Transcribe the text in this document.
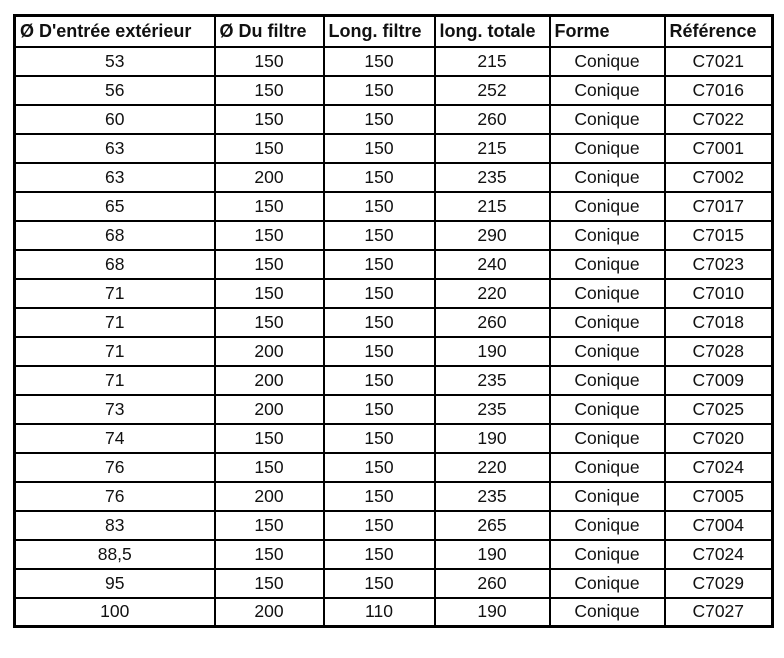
Ø D'entrée extérieur	Ø Du filtre	Long. filtre	long. totale	Forme	Référence
53	150	150	215	Conique	C7021
56	150	150	252	Conique	C7016
60	150	150	260	Conique	C7022
63	150	150	215	Conique	C7001
63	200	150	235	Conique	C7002
65	150	150	215	Conique	C7017
68	150	150	290	Conique	C7015
68	150	150	240	Conique	C7023
71	150	150	220	Conique	C7010
71	150	150	260	Conique	C7018
71	200	150	190	Conique	C7028
71	200	150	235	Conique	C7009
73	200	150	235	Conique	C7025
74	150	150	190	Conique	C7020
76	150	150	220	Conique	C7024
76	200	150	235	Conique	C7005
83	150	150	265	Conique	C7004
88,5	150	150	190	Conique	C7024
95	150	150	260	Conique	C7029
100	200	110	190	Conique	C7027
